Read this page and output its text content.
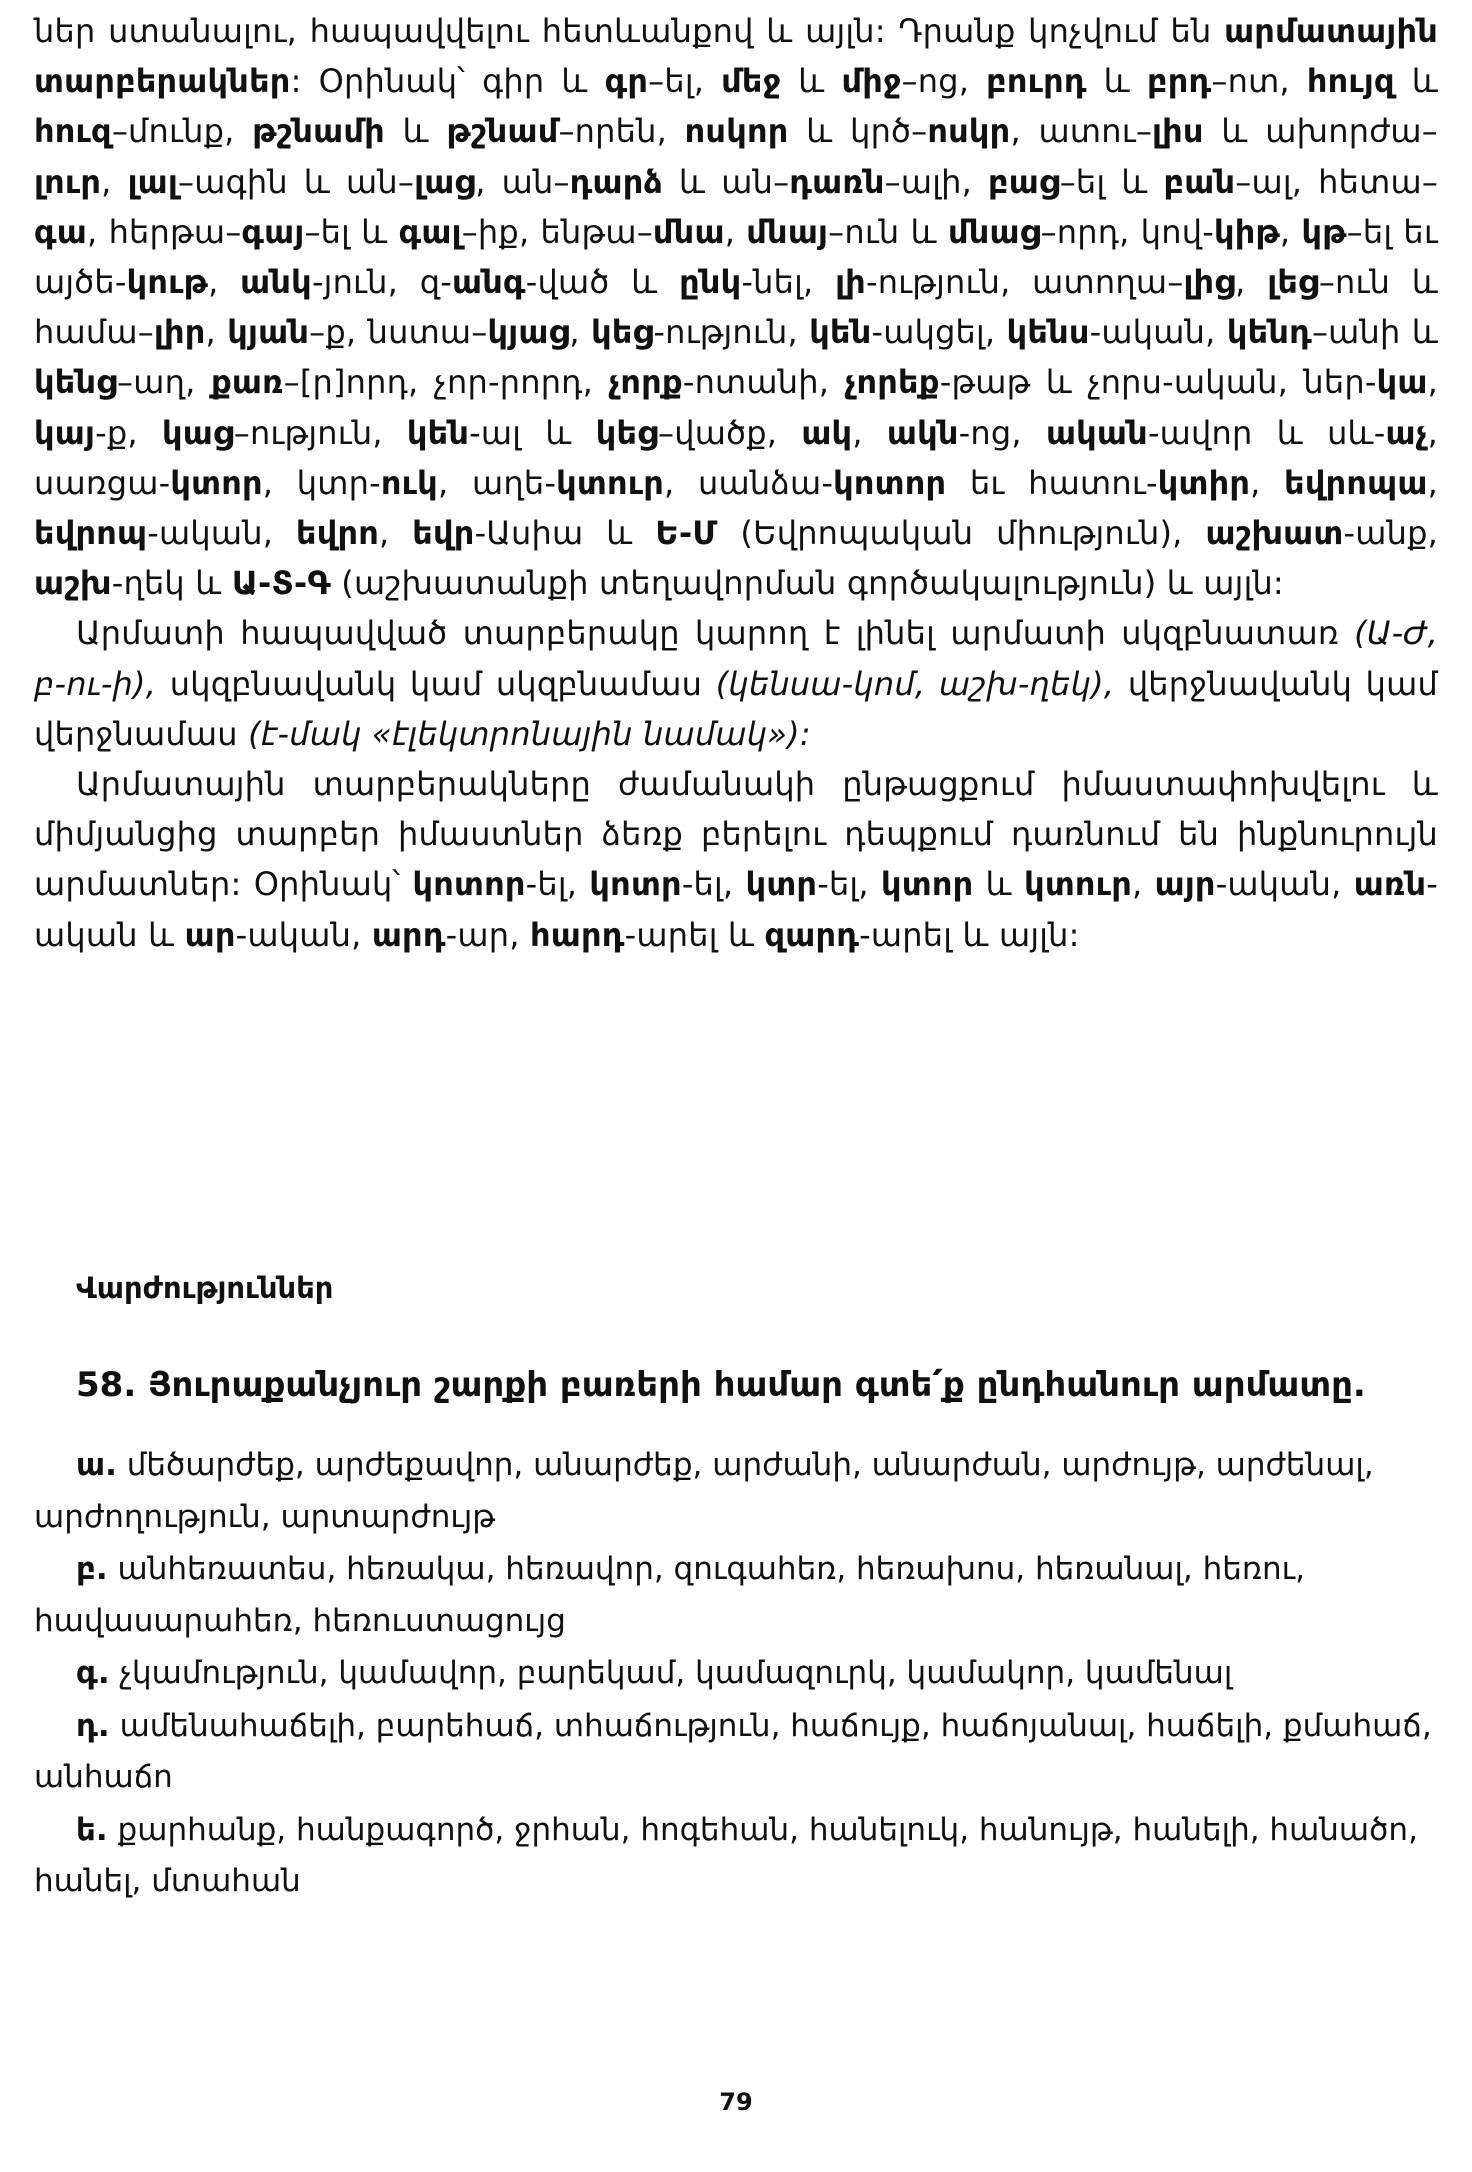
ներ ստանալու, հապավվելու հետևանքով և այլն: Դրանք կոչվում են արմատային տարբերակներ: Օրինակ՝ գիր և գր–ել, մեջ և միջ–ոց, բուրդ և բրդ–ոտ, հույզ և հուզ–մունք, թշնամի և թշնամ–որեն, ոսկոր և կրծ–ոսկր, ատու–լիս և ախորժա–լուր, լալ–ագին և ան–լաց, ան–դարձ և ան–դառն–ալի, բաց–ել և բան–ալ, հետա–գա, հերթա–գայ–ել և գալ–իք, ենթա–մնա, մնայ–ուն և մնաց–որդ, կով-կիթ, կթ–ել եւ այծե-կութ, անկ-յուն, զ-անգ-ված և ընկ-նել, լի-ություն, ատողա–լից, լեց–ուն և համա–լիր, կյան–ք, նստա–կյաց, կեց-ություն, կեն-ակցել, կենս-ական, կենդ–անի և կենց–աղ, քառ–[ր]որդ, չոր-րորդ, չորք-ոտանի, չորեք-թաթ և չորս-ական, ներ-կա, կայ-ք, կաց–ություն, կեն-ալ և կեց–վածք, ակ, ակն-ոց, ական-ավոր և սև-աչ, սառցա-կտոր, կտր-ուկ, աղե-կտուր, սանձա-կոտոր եւ հատու-կտիր, եվրոպա, եվրոպ-ական, եվրո, եվր-Ասիա և Ե-Մ (Եվրոպական միություն), աշխատ-անք, աշխ-ղեկ և Ա-Տ-Գ (աշխատանքի տեղավորման գործակալություն) և այլն:

Արմատի հապավված տարբերակը կարող է լինել արմատի սկզբնատառ (Ա-Ժ, բ-ու-ի), սկզբնավանկ կամ սկզբնամաս (կենսա-կոմ, աշխ-ղեկ), վերջնավանկ կամ վերջնամաս (է-մակ «էլեկտրոնային նամակ»):

Արմատային տարբերակները ժամանակի ընթացքում իմաստափոխվելու և միմյանցից տարբեր իմաստներ ձեռք բերելու դեպքում դառնում են ինքնուրույն արմատներ: Օրինակ՝ կոտոր-ել, կոտր-ել, կտր-ել, կտոր և կտուր, այր-ական, առն-ական և ար-ական, արդ-ար, հարդ-արել և զարդ-արել և այլն:

Վարժություններ
58. Յուրաքանչյուր շարքի բառերի համար գտե՛ք ընդհանուր արմատը.

ա. մեծարժեք, արժեքավոր, անարժեք, արժանի, անարժան, արժույթ, արժենալ, արժողություն, արտարժույթ

բ. անհեռատես, հեռակա, հեռավոր, զուգահեռ, հեռախոս, հեռանալ, հեռու, հավասարահեռ, հեռուստացույց

գ. չկամություն, կամավոր, բարեկամ, կամազուրկ, կամակոր, կամենալ

դ. ամենահաճելի, բարեհաճ, տհաճություն, հաճույք, հաճոյանալ, հաճելի, քմահաճ, անհաճո

ե. քարհանք, հանքագործ, ջրհան, հոգեհան, հանելուկ, հանույթ, հանելի, հանածո, հանել, մտահան

79
